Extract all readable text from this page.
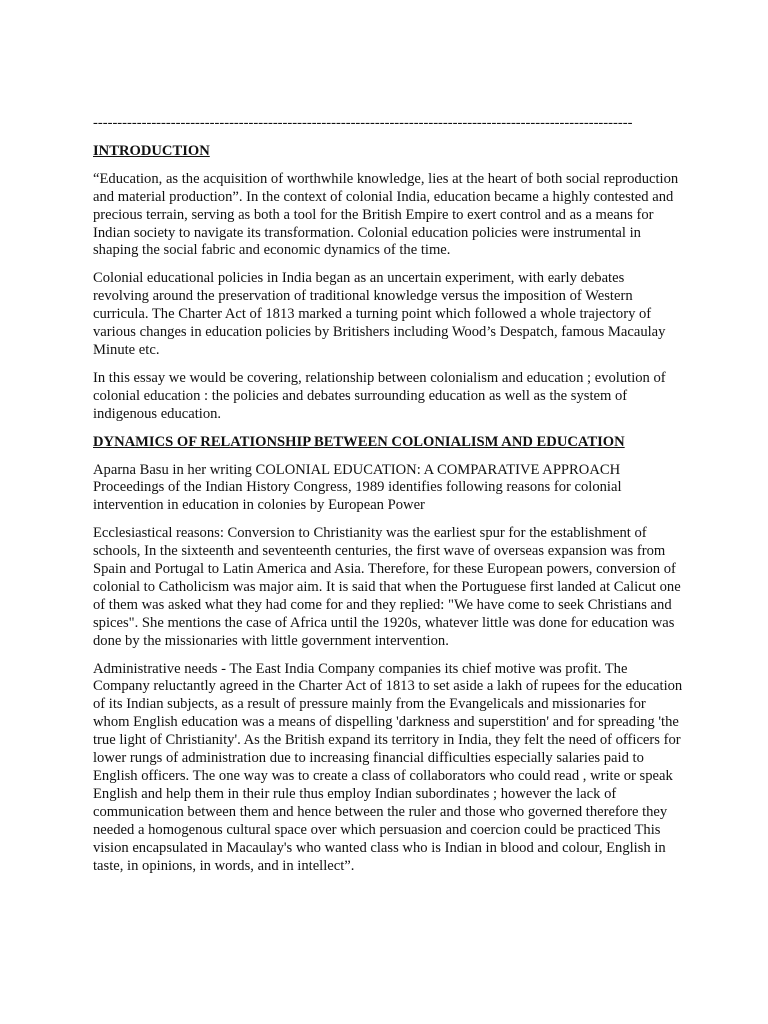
---------------------------------------------------------------------------------------------------------------
INTRODUCTION

“Education, as the acquisition of worthwhile knowledge, lies at the heart of both social reproduction and material production”. In the context of colonial India, education became a highly contested and precious terrain, serving as both a tool for the British Empire to exert control and as a means for Indian society to navigate its transformation. Colonial education policies were instrumental in shaping the social fabric and economic dynamics of the time.

Colonial educational policies in India began as an uncertain experiment, with early debates revolving around the preservation of traditional knowledge versus the imposition of Western curricula. The Charter Act of 1813 marked a turning point which followed a whole trajectory of various changes in education policies by Britishers including Wood’s Despatch, famous Macaulay Minute etc.

In this essay we would be covering, relationship between colonialism and education ; evolution of colonial education : the policies and debates surrounding education as well as the system of indigenous education.

DYNAMICS OF RELATIONSHIP BETWEEN COLONIALISM AND EDUCATION

Aparna Basu in her writing COLONIAL EDUCATION: A COMPARATIVE APPROACH Proceedings of the Indian History Congress, 1989 identifies following reasons for colonial intervention in education in colonies by European Power

Ecclesiastical reasons: Conversion to Christianity was the earliest spur for the establishment of schools, In the sixteenth and seventeenth centuries, the first wave of overseas expansion was from Spain and Portugal to Latin America and Asia. Therefore, for these European powers, conversion of colonial to Catholicism was major aim. It is said that when the Portuguese first landed at Calicut one of them was asked what they had come for and they replied: "We have come to seek Christians and spices". She mentions the case of Africa until the 1920s, whatever little was done for education was done by the missionaries with little government intervention.

Administrative needs - The East India Company companies its chief motive was profit. The Company reluctantly agreed in the Charter Act of 1813 to set aside a lakh of rupees for the education of its Indian subjects, as a result of pressure mainly from the Evangelicals and missionaries for whom English education was a means of dispelling 'darkness and superstition' and for spreading 'the true light of Christianity'. As the British expand its territory in India, they felt the need of officers for lower rungs of administration due to increasing financial difficulties especially salaries paid to English officers. The one way was to create a class of collaborators who could read , write or speak English and help them in their rule thus employ Indian subordinates ; however the lack of communication between them and hence between the ruler and those who governed therefore they needed a homogenous cultural space over which persuasion and coercion could be practiced This vision encapsulated in Macaulay's who wanted class who is Indian in blood and colour, English in taste, in opinions, in words, and in intellect”.
